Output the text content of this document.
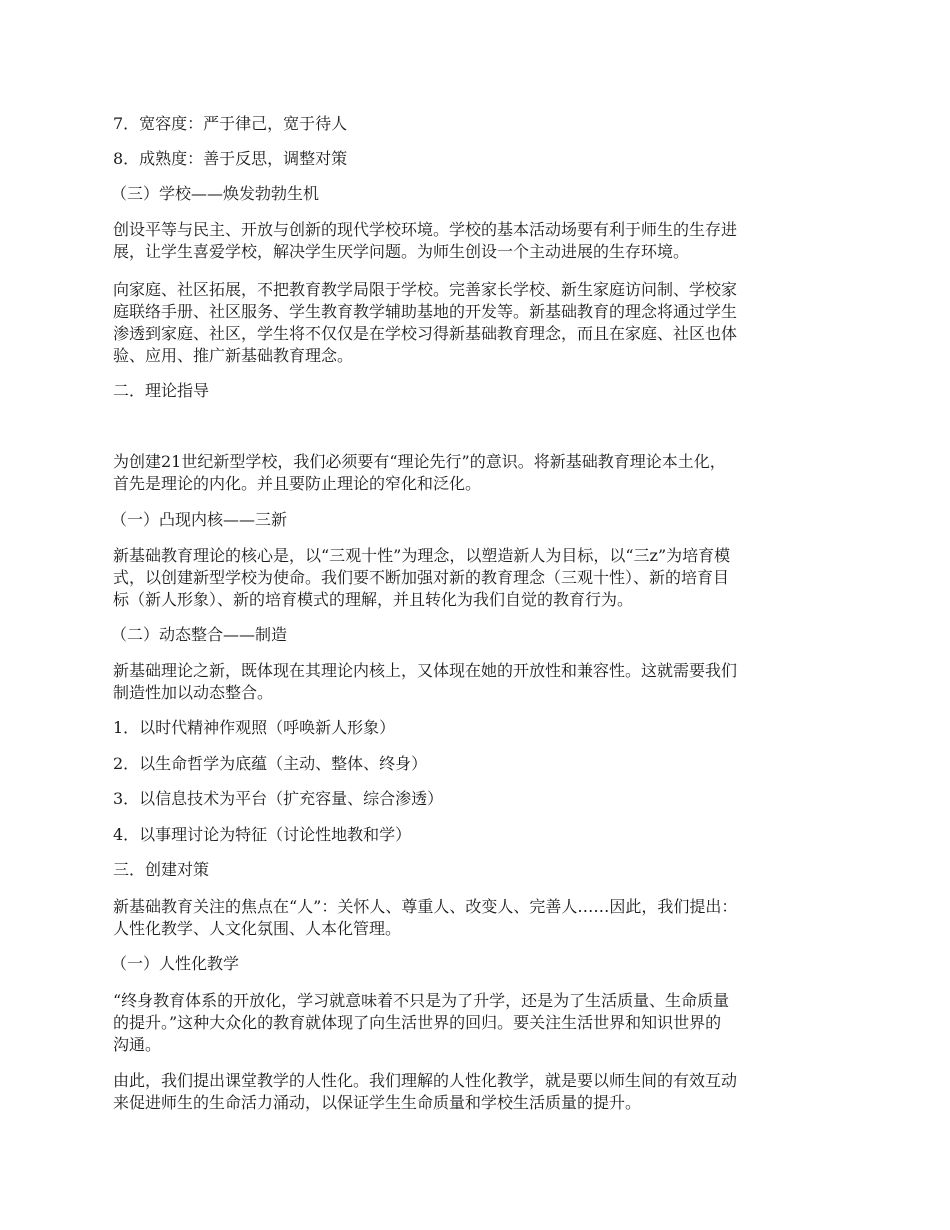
7．宽容度：严于律己，宽于待人
8．成熟度：善于反思，调整对策
（三）学校——焕发勃勃生机
创设平等与民主、开放与创新的现代学校环境。学校的基本活动场要有利于师生的生存进
展，让学生喜爱学校，解决学生厌学问题。为师生创设一个主动进展的生存环境。
向家庭、社区拓展，不把教育教学局限于学校。完善家长学校、新生家庭访问制、学校家
庭联络手册、社区服务、学生教育教学辅助基地的开发等。新基础教育的理念将通过学生
渗透到家庭、社区，学生将不仅仅是在学校习得新基础教育理念，而且在家庭、社区也体
验、应用、推广新基础教育理念。
二．理论指导
为创建21世纪新型学校，我们必须要有“理论先行”的意识。将新基础教育理论本土化，
首先是理论的内化。并且要防止理论的窄化和泛化。
（一）凸现内核——三新
新基础教育理论的核心是，以“三观十性”为理念，以塑造新人为目标，以“三z”为培育模
式，以创建新型学校为使命。我们要不断加强对新的教育理念（三观十性）、新的培育目
标（新人形象）、新的培育模式的理解，并且转化为我们自觉的教育行为。
（二）动态整合——制造
新基础理论之新，既体现在其理论内核上，又体现在她的开放性和兼容性。这就需要我们
制造性加以动态整合。
1．以时代精神作观照（呼唤新人形象）
2．以生命哲学为底蕴（主动、整体、终身）
3．以信息技术为平台（扩充容量、综合渗透）
4．以事理讨论为特征（讨论性地教和学）
三．创建对策
新基础教育关注的焦点在“人”：关怀人、尊重人、改变人、完善人……因此，我们提出：
人性化教学、人文化氛围、人本化管理。
（一）人性化教学
“终身教育体系的开放化，学习就意味着不只是为了升学，还是为了生活质量、生命质量
的提升。”这种大众化的教育就体现了向生活世界的回归。要关注生活世界和知识世界的
沟通。
由此，我们提出课堂教学的人性化。我们理解的人性化教学，就是要以师生间的有效互动
来促进师生的生命活力涌动，以保证学生生命质量和学校生活质量的提升。
